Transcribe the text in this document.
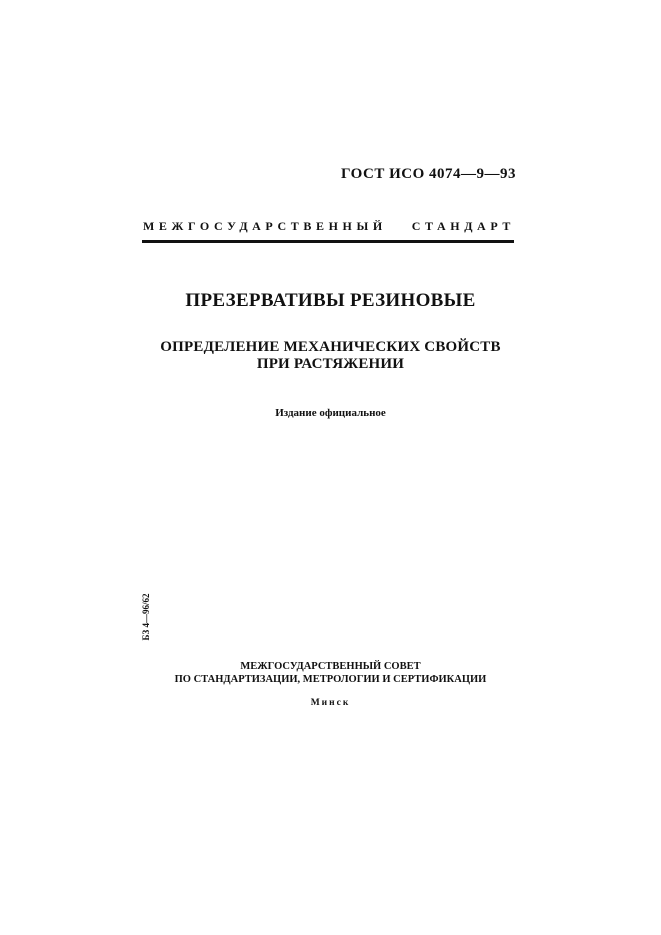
ГОСТ ИСО 4074—9—93
МЕЖГОСУДАРСТВЕННЫЙ СТАНДАРТ
ПРЕЗЕРВАТИВЫ РЕЗИНОВЫЕ
ОПРЕДЕЛЕНИЕ МЕХАНИЧЕСКИХ СВОЙСТВ
ПРИ РАСТЯЖЕНИИ
Издание официальное
БЗ 4—96/62
МЕЖГОСУДАРСТВЕННЫЙ СОВЕТ
ПО СТАНДАРТИЗАЦИИ, МЕТРОЛОГИИ И СЕРТИФИКАЦИИ
Минск
